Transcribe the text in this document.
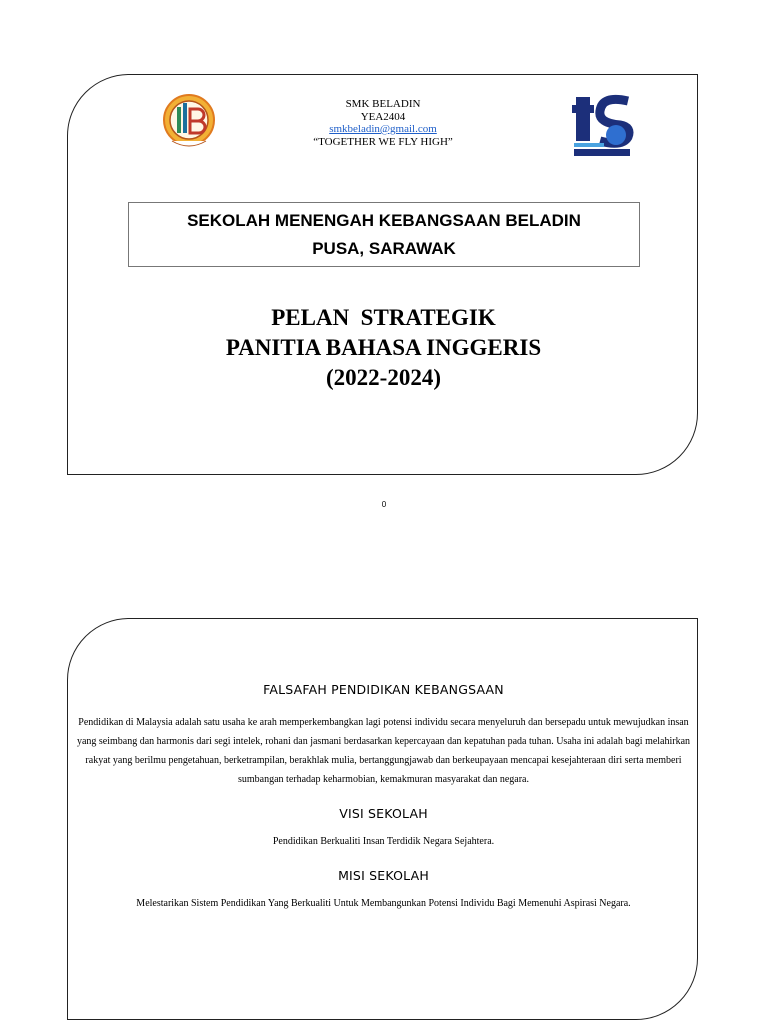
SMK BELADIN
YEA2404
smkbeladin@gmail.com
“TOGETHER WE FLY HIGH”
SEKOLAH MENENGAH KEBANGSAAN BELADIN
PUSA, SARAWAK
PELAN  STRATEGIK
PANITIA BAHASA INGGERIS
(2022-2024)
0
FALSAFAH PENDIDIKAN KEBANGSAAN
Pendidikan di Malaysia adalah satu usaha ke arah memperkembangkan lagi potensi individu secara menyeluruh dan bersepadu untuk mewujudkan insan yang seimbang dan harmonis dari segi intelek, rohani dan jasmani berdasarkan kepercayaan dan kepatuhan pada tuhan. Usaha ini adalah bagi melahirkan rakyat yang berilmu pengetahuan, berketrampilan, berakhlak mulia, bertanggungjawab dan berkeupayaan mencapai kesejahteraan diri serta memberi sumbangan terhadap keharmobian, kemakmuran masyarakat dan negara.
VISI SEKOLAH
Pendidikan Berkualiti Insan Terdidik Negara Sejahtera.
MISI SEKOLAH
Melestarikan Sistem Pendidikan Yang Berkualiti Untuk Membangunkan Potensi Individu Bagi Memenuhi Aspirasi Negara.
